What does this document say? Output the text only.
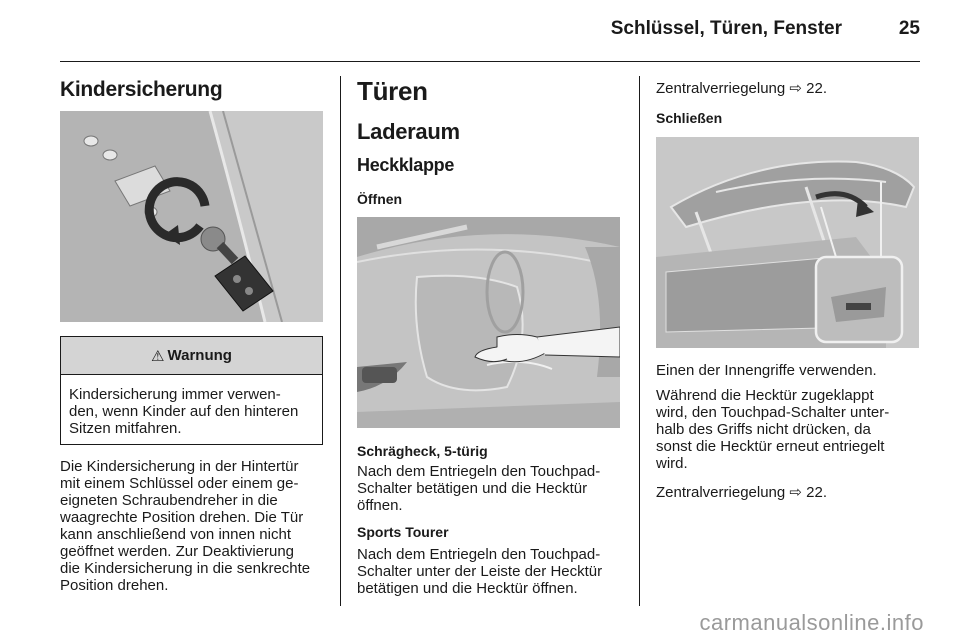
Schlüssel, Türen, Fenster	25
Kindersicherung
⚠ Warnung
Kindersicherung immer verwen-
den, wenn Kinder auf den hinteren
Sitzen mitfahren.
Die Kindersicherung in der Hintertür
mit einem Schlüssel oder einem ge-
eigneten Schraubendreher in die
waagrechte Position drehen. Die Tür
kann anschließend von innen nicht
geöffnet werden. Zur Deaktivierung
die Kindersicherung in die senkrechte
Position drehen.
Türen
Laderaum
Heckklappe
Öffnen
Schrägheck, 5-türig
Nach dem Entriegeln den Touchpad-
Schalter betätigen und die Hecktür
öffnen.
Sports Tourer
Nach dem Entriegeln den Touchpad-
Schalter unter der Leiste der Hecktür
betätigen und die Hecktür öffnen.
Zentralverriegelung ⇨ 22.
Schließen
Einen der Innengriffe verwenden.
Während die Hecktür zugeklappt
wird, den Touchpad-Schalter unter-
halb des Griffs nicht drücken, da
sonst die Hecktür erneut entriegelt
wird.
Zentralverriegelung ⇨ 22.
carmanualsonline.info
